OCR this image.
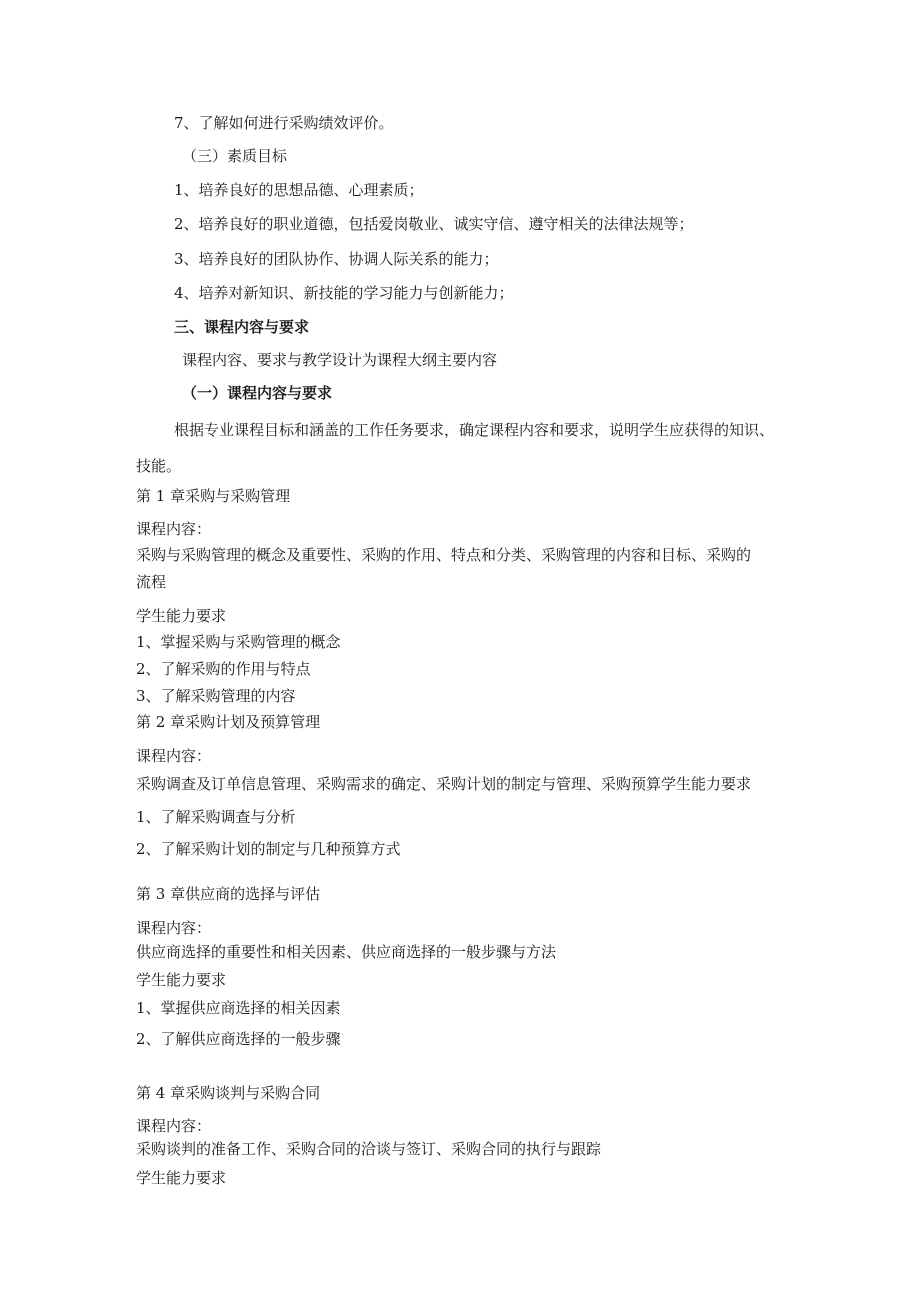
7、了解如何进行采购绩效评价。
（三）素质目标
1、培养良好的思想品德、心理素质；
2、培养良好的职业道德，包括爱岗敬业、诚实守信、遵守相关的法律法规等；
3、培养良好的团队协作、协调人际关系的能力；
4、培养对新知识、新技能的学习能力与创新能力；
三、课程内容与要求
课程内容、要求与教学设计为课程大纲主要内容
（一）课程内容与要求
根据专业课程目标和涵盖的工作任务要求，确定课程内容和要求，说明学生应获得的知识、
技能。
第 1 章采购与采购管理
课程内容：
采购与采购管理的概念及重要性、采购的作用、特点和分类、采购管理的内容和目标、采购的
流程
学生能力要求
1、掌握采购与采购管理的概念
2、了解采购的作用与特点
3、了解采购管理的内容
第 2 章采购计划及预算管理
课程内容：
采购调查及订单信息管理、采购需求的确定、采购计划的制定与管理、采购预算学生能力要求
1、了解采购调查与分析
2、了解采购计划的制定与几种预算方式
第 3 章供应商的选择与评估
课程内容：
供应商选择的重要性和相关因素、供应商选择的一般步骤与方法
学生能力要求
1、掌握供应商选择的相关因素
2、了解供应商选择的一般步骤
第 4 章采购谈判与采购合同
课程内容：
采购谈判的准备工作、采购合同的洽谈与签订、采购合同的执行与跟踪
学生能力要求
